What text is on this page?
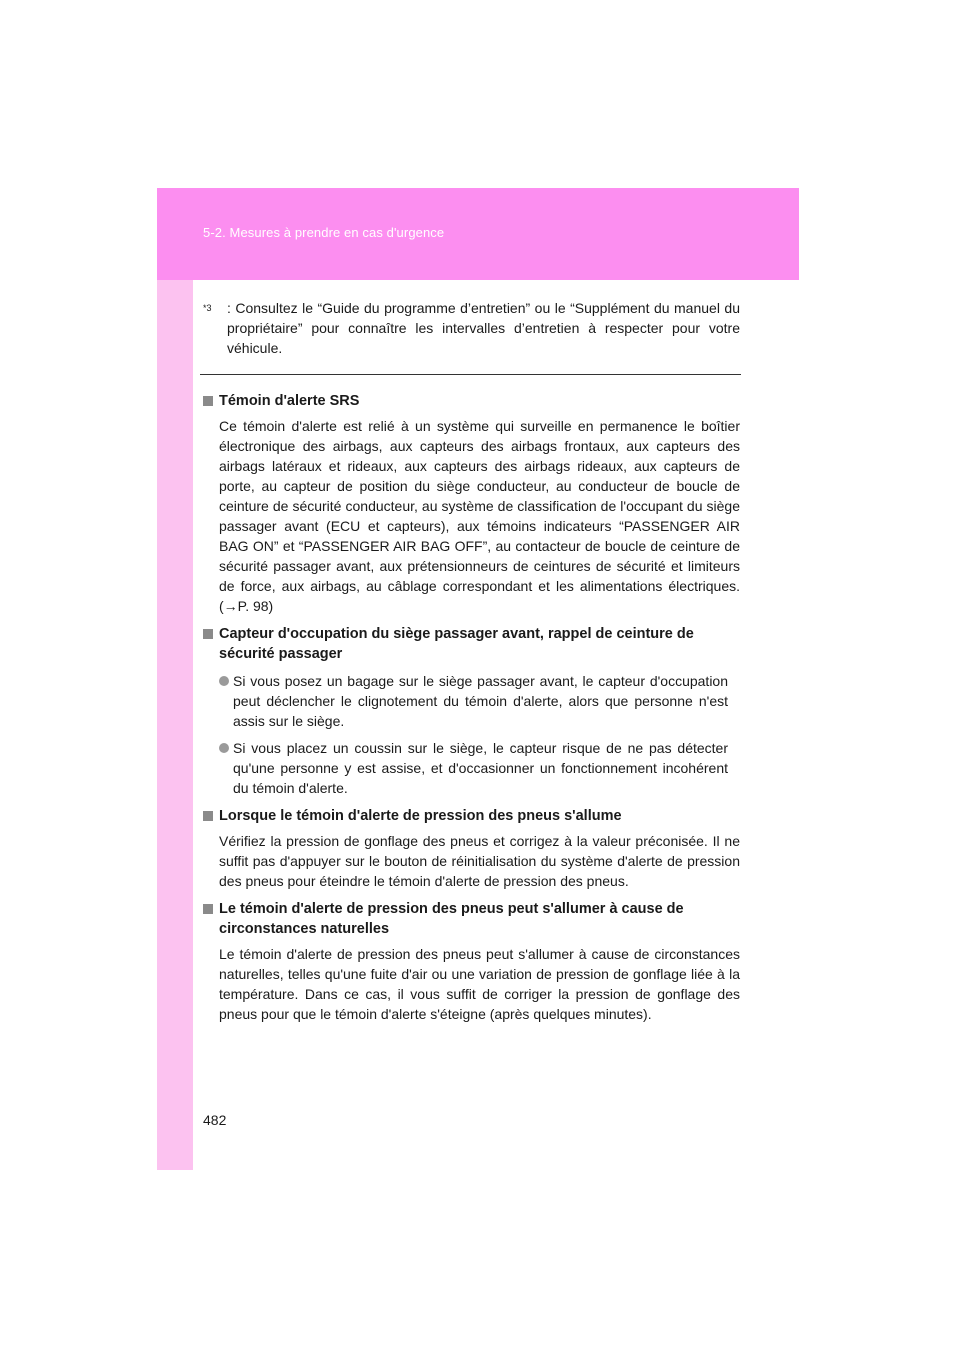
5-2. Mesures à prendre en cas d'urgence
$^{*3}$	: Consultez le “Guide du programme d’entretien” ou le “Supplément du manuel du propriétaire” pour connaître les intervalles d’entretien à respecter pour votre véhicule.
Témoin d'alerte SRS
Ce témoin d'alerte est relié à un système qui surveille en permanence le boîtier électronique des airbags, aux capteurs des airbags frontaux, aux capteurs des airbags latéraux et rideaux, aux capteurs des airbags rideaux, aux capteurs de porte, au capteur de position du siège conducteur, au conducteur de boucle de ceinture de sécurité conducteur, au système de classification de l'occupant du siège passager avant (ECU et capteurs), aux témoins indicateurs “PASSENGER AIR BAG ON” et “PASSENGER AIR BAG OFF”, au contacteur de boucle de ceinture de sécurité passager avant, aux prétensionneurs de ceintures de sécurité et limiteurs de force, aux airbags, au câblage correspondant et les alimentations électriques. (→P. 98)
Capteur d'occupation du siège passager avant, rappel de ceinture de sécurité passager
Si vous posez un bagage sur le siège passager avant, le capteur d'occupation peut déclencher le clignotement du témoin d'alerte, alors que personne n'est assis sur le siège.
Si vous placez un coussin sur le siège, le capteur risque de ne pas détecter qu'une personne y est assise, et d'occasionner un fonctionnement incohérent du témoin d'alerte.
Lorsque le témoin d'alerte de pression des pneus s'allume
Vérifiez la pression de gonflage des pneus et corrigez à la valeur préconisée. Il ne suffit pas d'appuyer sur le bouton de réinitialisation du système d'alerte de pression des pneus pour éteindre le témoin d'alerte de pression des pneus.
Le témoin d'alerte de pression des pneus peut s'allumer à cause de circonstances naturelles
Le témoin d'alerte de pression des pneus peut s'allumer à cause de circonstances naturelles, telles qu'une fuite d'air ou une variation de pression de gonflage liée à la température. Dans ce cas, il vous suffit de corriger la pression de gonflage des pneus pour que le témoin d'alerte s'éteigne (après quelques minutes).
482
